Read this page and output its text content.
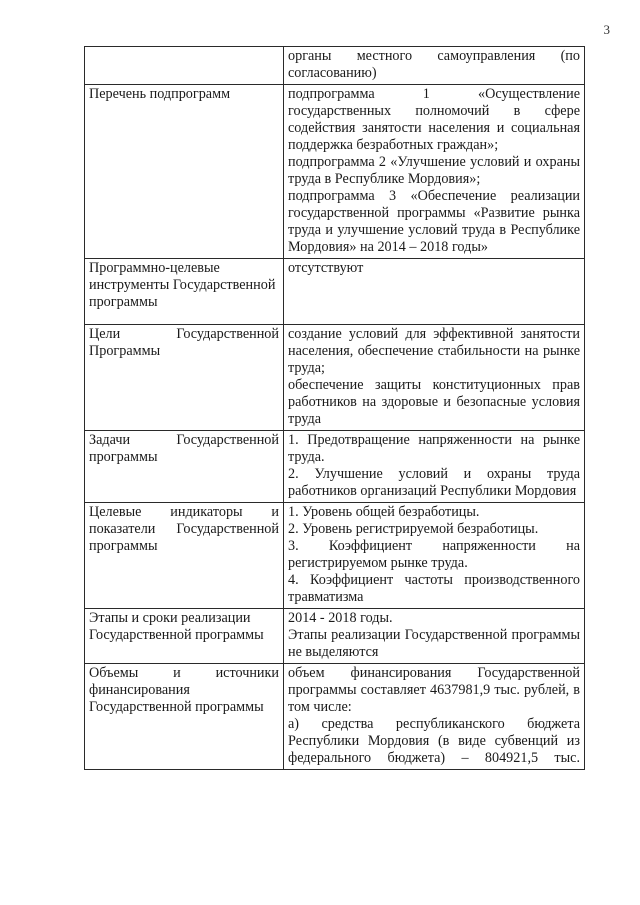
3

	органы местного самоуправления (по согласованию)

Перечень подпрограмм	подпрограмма 1 «Осуществление государственных полномочий в сфере содействия занятости населения и социальная поддержка безработных граждан»;
подпрограмма 2 «Улучшение условий и охраны труда в Республике Мордовия»;
подпрограмма 3 «Обеспечение реализации государственной программы «Развитие рынка труда и улучшение условий труда в Республике Мордовия» на 2014 – 2018 годы»

Программно-целевые инструменты Государственной программы	отсутствуют

Цели Государственной Программы	создание условий для эффективной занятости населения, обеспечение стабильности на рынке труда;
обеспечение защиты конституционных прав работников на здоровые и безопасные условия труда

Задачи Государственной программы	1. Предотвращение напряженности на рынке труда.
2. Улучшение условий и охраны труда работников организаций Республики Мордовия

Целевые индикаторы и показатели Государственной программы	1. Уровень общей безработицы.
2. Уровень регистрируемой безработицы.
3. Коэффициент напряженности на регистрируемом рынке труда.
4. Коэффициент частоты производственного травматизма

Этапы и сроки реализации Государственной программы	2014 - 2018 годы.
Этапы реализации Государственной программы не выделяются

Объемы и источники финансирования Государственной программы	объем финансирования Государственной программы составляет 4637981,9 тыс. рублей, в том числе:
а) средства республиканского бюджета Республики Мордовия (в виде субвенций из федерального бюджета) – 804921,5 тыс.
